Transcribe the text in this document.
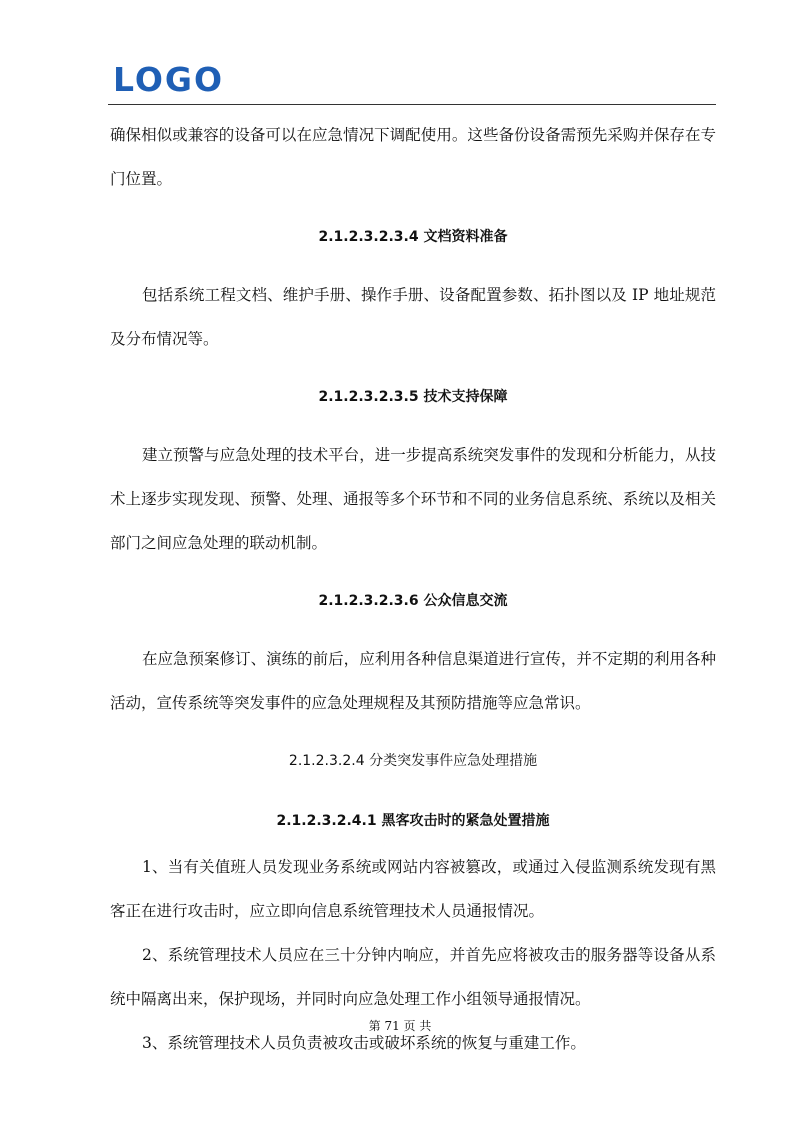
LOGO

确保相似或兼容的设备可以在应急情况下调配使用。这些备份设备需预先采购并保存在专门位置。

2.1.2.3.2.3.4 文档资料准备

包括系统工程文档、维护手册、操作手册、设备配置参数、拓扑图以及 IP 地址规范及分布情况等。

2.1.2.3.2.3.5 技术支持保障

建立预警与应急处理的技术平台，进一步提高系统突发事件的发现和分析能力，从技术上逐步实现发现、预警、处理、通报等多个环节和不同的业务信息系统、系统以及相关部门之间应急处理的联动机制。

2.1.2.3.2.3.6 公众信息交流

在应急预案修订、演练的前后，应利用各种信息渠道进行宣传，并不定期的利用各种活动，宣传系统等突发事件的应急处理规程及其预防措施等应急常识。

2.1.2.3.2.4 分类突发事件应急处理措施

2.1.2.3.2.4.1 黑客攻击时的紧急处置措施

1、当有关值班人员发现业务系统或网站内容被篡改，或通过入侵监测系统发现有黑客正在进行攻击时，应立即向信息系统管理技术人员通报情况。

2、系统管理技术人员应在三十分钟内响应，并首先应将被攻击的服务器等设备从系统中隔离出来，保护现场，并同时向应急处理工作小组领导通报情况。

3、系统管理技术人员负责被攻击或破坏系统的恢复与重建工作。

第 71 页 共
